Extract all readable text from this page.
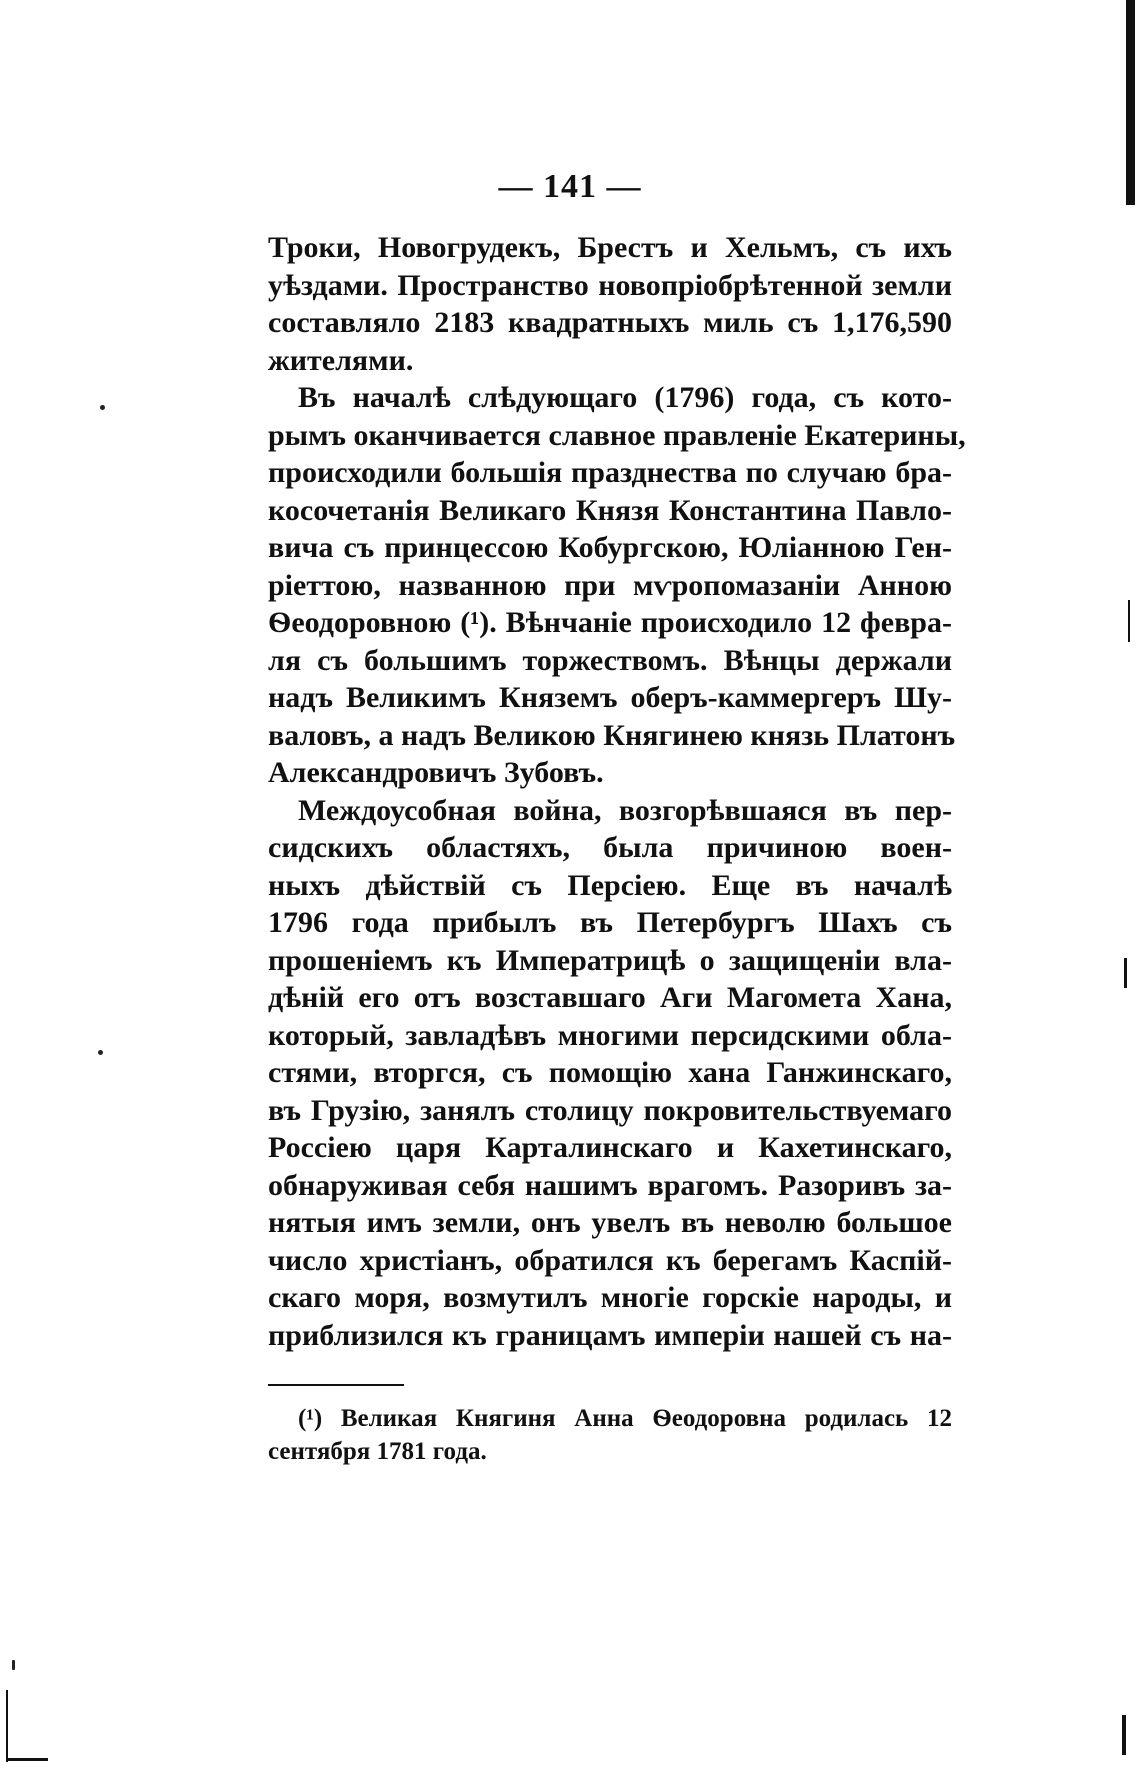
— 141 —
Троки, Новогрудекъ, Брестъ и Хельмъ, съ ихъ
уѣздами. Пространство новопріобрѣтенной земли
составляло 2183 квадратныхъ миль съ 1,176,590
жителями.
Въ началѣ слѣдующаго (1796) года, съ кото-
рымъ оканчивается славное правленіе Екатерины,
происходили большія празднества по случаю бра-
косочетанія Великаго Князя Константина Павло-
вича съ принцессою Кобургскою, Юліанною Ген-
ріеттою, названною при мѵропомазаніи Анною
Ѳеодоровною (¹). Вѣнчаніе происходило 12 февра-
ля съ большимъ торжествомъ. Вѣнцы держали
надъ Великимъ Княземъ оберъ-каммергеръ Шу-
валовъ, а надъ Великою Княгинею князь Платонъ
Александровичъ Зубовъ.
Междоусобная война, возгорѣвшаяся въ пер-
сидскихъ областяхъ, была причиною воен-
ныхъ дѣйствій съ Персіею. Еще въ началѣ
1796 года прибылъ въ Петербургъ Шахъ съ
прошеніемъ къ Императрицѣ о защищеніи вла-
дѣній его отъ возставшаго Аги Магомета Хана,
который, завладѣвъ многими персидскими обла-
стями, вторгся, съ помощію хана Ганжинскаго,
въ Грузію, занялъ столицу покровительствуемаго
Россіею царя Карталинскаго и Кахетинскаго,
обнаруживая себя нашимъ врагомъ. Разоривъ за-
нятыя имъ земли, онъ увелъ въ неволю большое
число христіанъ, обратился къ берегамъ Каспій-
скаго моря, возмутилъ многіе горскіе народы, и
приблизился къ границамъ имперіи нашей съ на-
(¹) Великая Княгиня Анна Ѳеодоровна родилась 12
сентября 1781 года.
